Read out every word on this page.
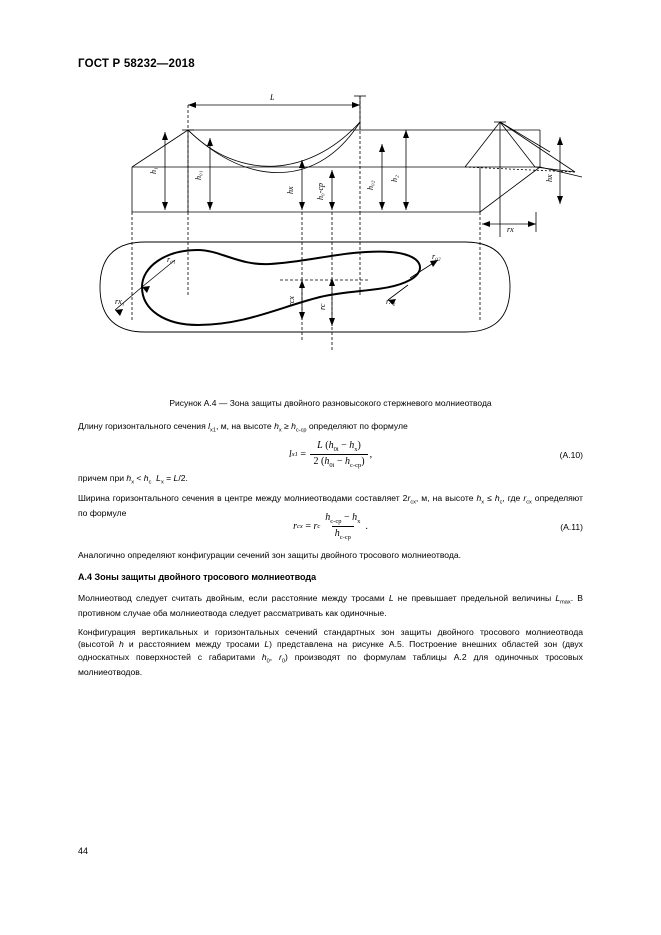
ГОСТ Р 58232—2018
L
h₁	h₀₁
hx	h₀-ср	h₀₂
h₂	hx
rx
r₀₁
rx₁
r₀₂
rx₂
rcx
rc
Рисунок А.4 — Зона защиты двойного разновысокого стержневого молниеотвода
Длину горизонтального сечения $l_{x1}$, м, на высоте $h_x \ge h_{с-ср}$ определяют по формуле
l $x1 = \frac{L (h_{0i} - h_x)}{2 (h_{0i} - h_{с-ср})}$ ,	(А.10)
причем при $h_x < h_с$ $L_x = L/2$.
Ширина горизонтального сечения в центре между молниеотводами составляет $2r_{сx}$, м, на высоте $h_x \le h_с$, где $r_{сx}$ определяют по формуле
r сx = r с $\frac{h_{с-ср} - h_x}{h_{с-ср}}$ .	(А.11)
Аналогично определяют конфигурации сечений зон защиты двойного тросового молниеотвода.
А.4 Зоны защиты двойного тросового молниеотвода
Молниеотвод следует считать двойным, если расстояние между тросами L не превышает предельной величины $L_{max}$. В противном случае оба молниеотвода следует рассматривать как одиночные.
Конфигурация вертикальных и горизонтальных сечений стандартных зон защиты двойного тросового молниеотвода (высотой h и расстоянием между тросами L) представлена на рисунке А.5. Построение внешних областей зон (двух односкатных поверхностей с габаритами $h_0$, $r_0$) производят по формулам таблицы А.2 для одиночных тросовых молниеотводов.
44
